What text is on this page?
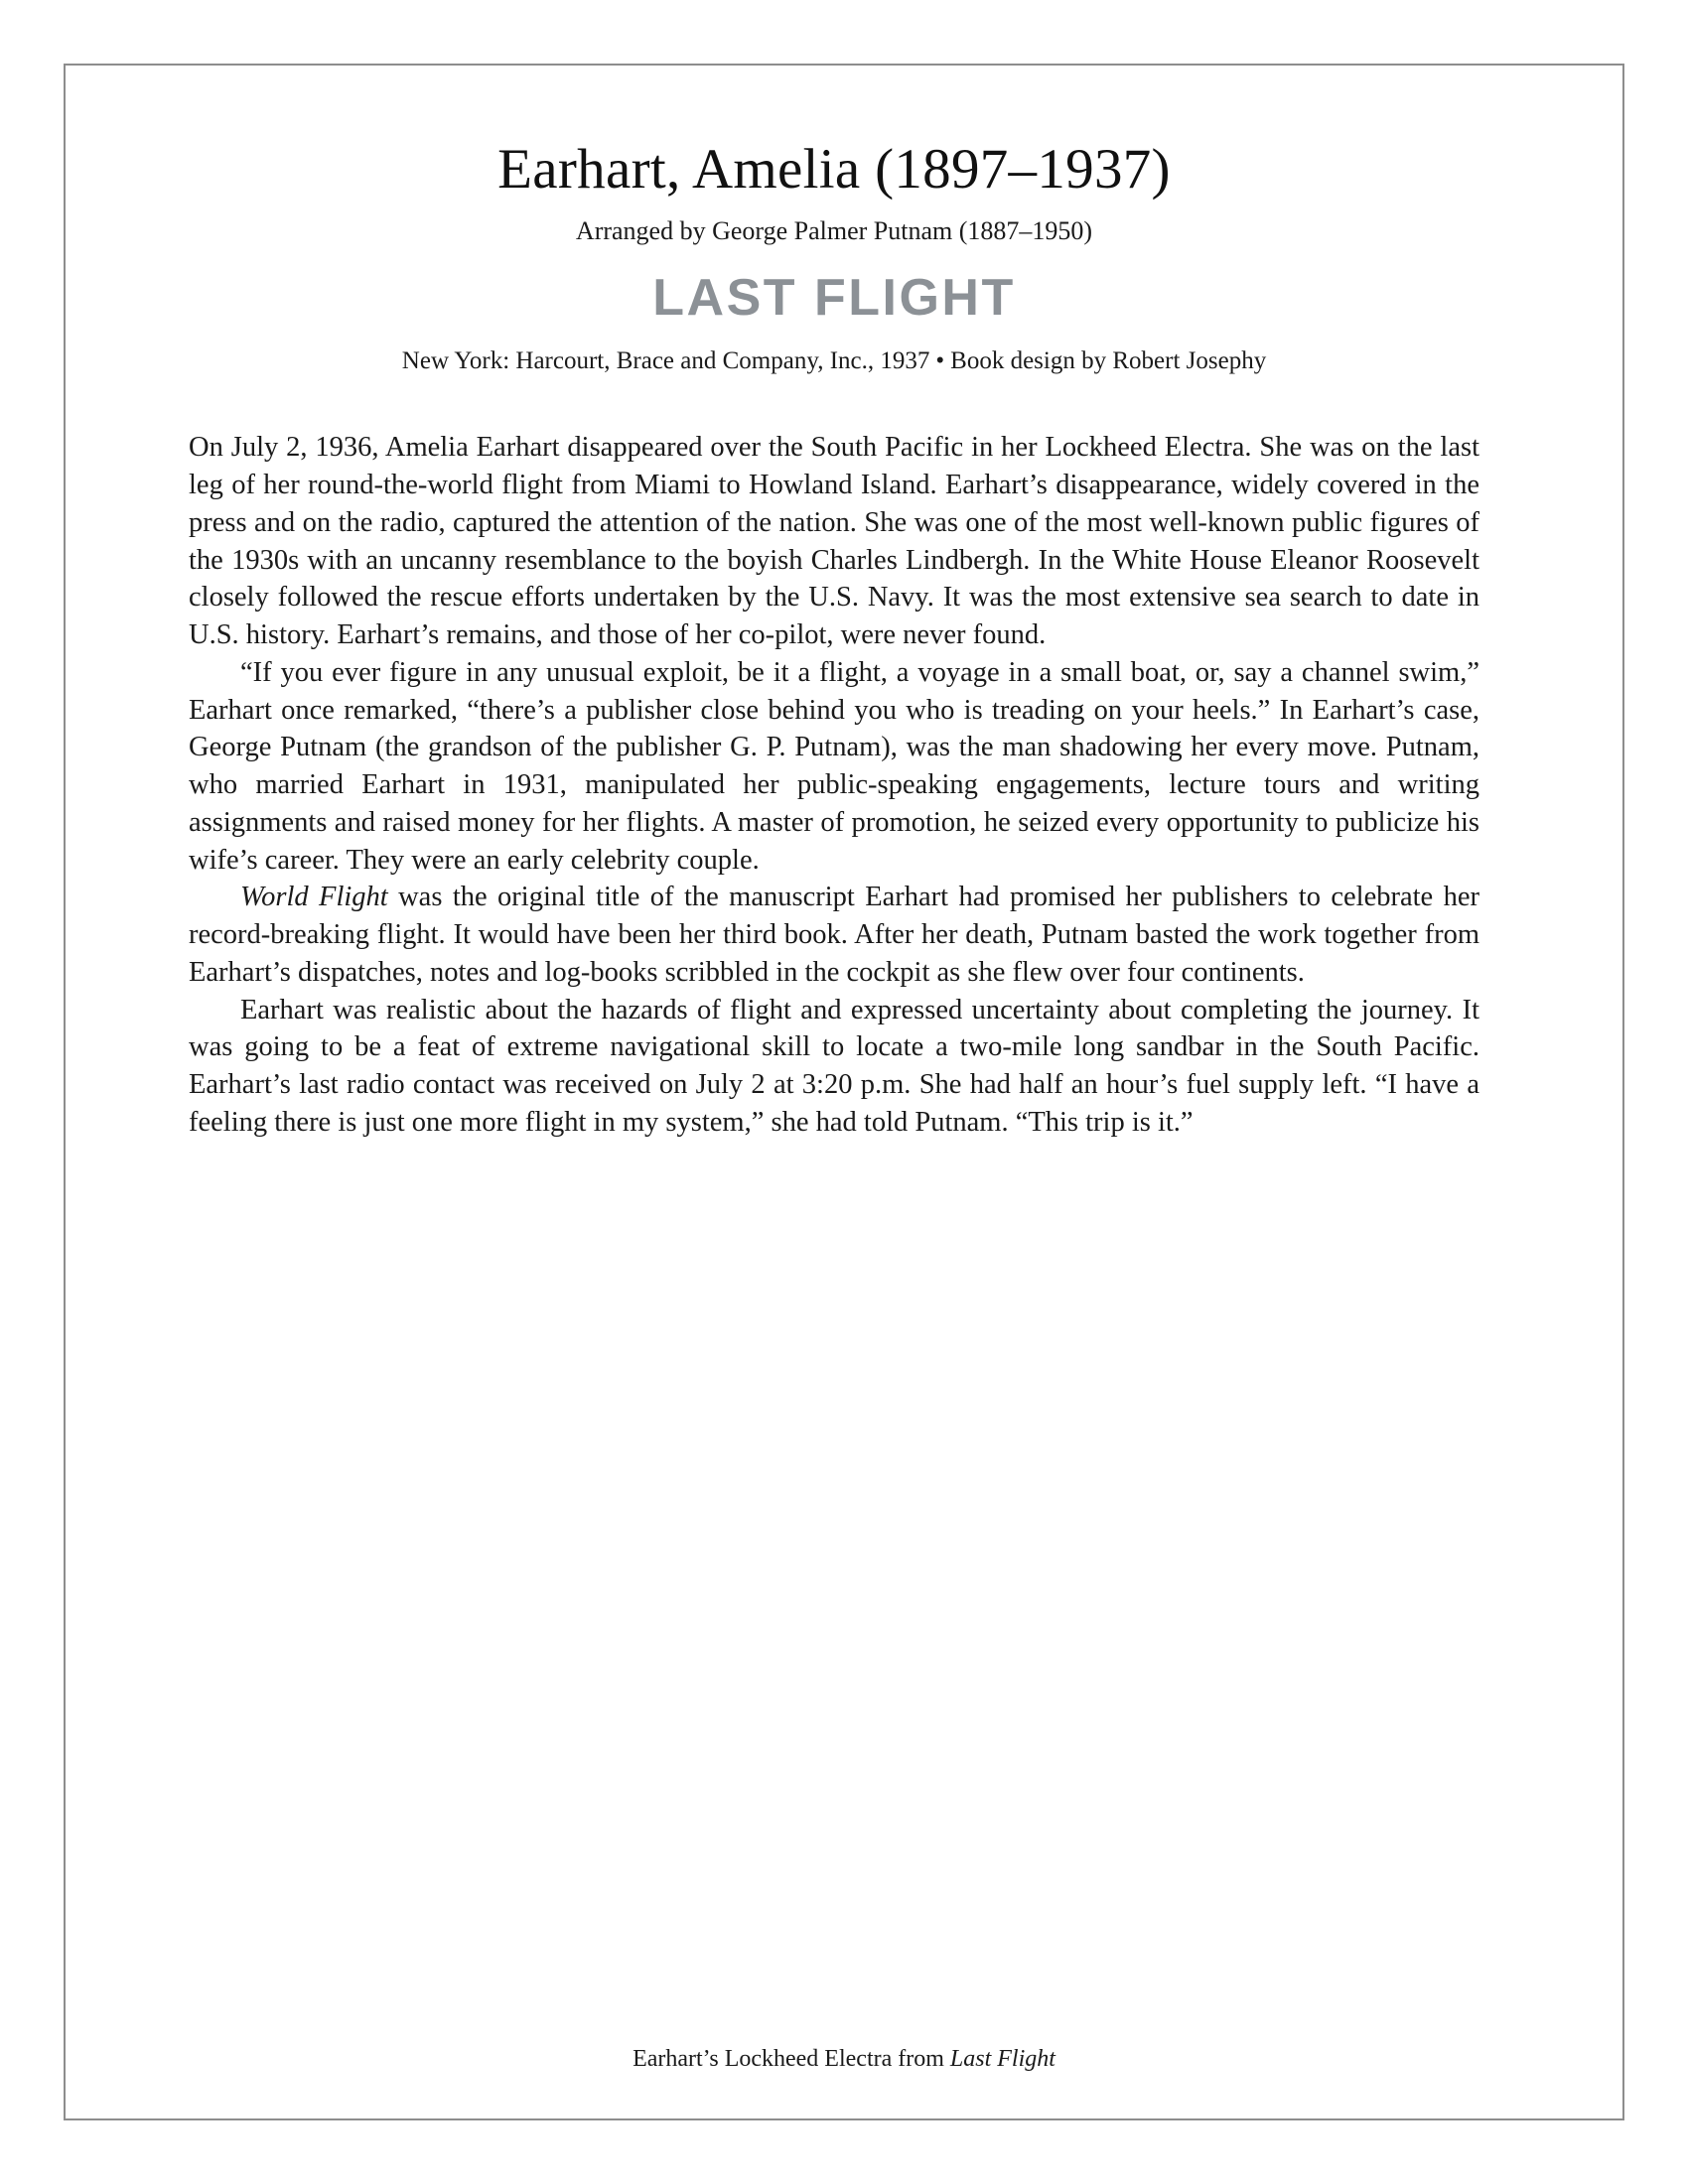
Earhart, Amelia (1897–1937)
Arranged by George Palmer Putnam (1887–1950)
LAST FLIGHT
New York: Harcourt, Brace and Company, Inc., 1937 • Book design by Robert Josephy

On July 2, 1936, Amelia Earhart disappeared over the South Pacific in her Lockheed Electra. She was on the last leg of her round-the-world flight from Miami to Howland Island. Earhart’s disappearance, widely covered in the press and on the radio, captured the attention of the nation. She was one of the most well-known public figures of the 1930s with an uncanny resemblance to the boyish Charles Lindbergh. In the White House Eleanor Roosevelt closely followed the rescue efforts undertaken by the U.S. Navy. It was the most extensive sea search to date in U.S. history. Earhart’s remains, and those of her co-pilot, were never found.

“If you ever figure in any unusual exploit, be it a flight, a voyage in a small boat, or, say a channel swim,” Earhart once remarked, “there’s a publisher close behind you who is treading on your heels.” In Earhart’s case, George Putnam (the grandson of the publisher G. P. Putnam), was the man shadowing her every move. Putnam, who married Earhart in 1931, manipulated her public-speaking engagements, lecture tours and writing assignments and raised money for her flights. A master of promotion, he seized every opportunity to publicize his wife’s career. They were an early celebrity couple.

World Flight was the original title of the manuscript Earhart had promised her publishers to celebrate her record-breaking flight. It would have been her third book. After her death, Putnam basted the work together from Earhart’s dispatches, notes and log-books scribbled in the cockpit as she flew over four continents.

Earhart was realistic about the hazards of flight and expressed uncertainty about completing the journey. It was going to be a feat of extreme navigational skill to locate a two-mile long sandbar in the South Pacific. Earhart’s last radio contact was received on July 2 at 3:20 p.m. She had half an hour’s fuel supply left. “I have a feeling there is just one more flight in my system,” she had told Putnam. “This trip is it.”

Earhart’s Lockheed Electra from Last Flight
